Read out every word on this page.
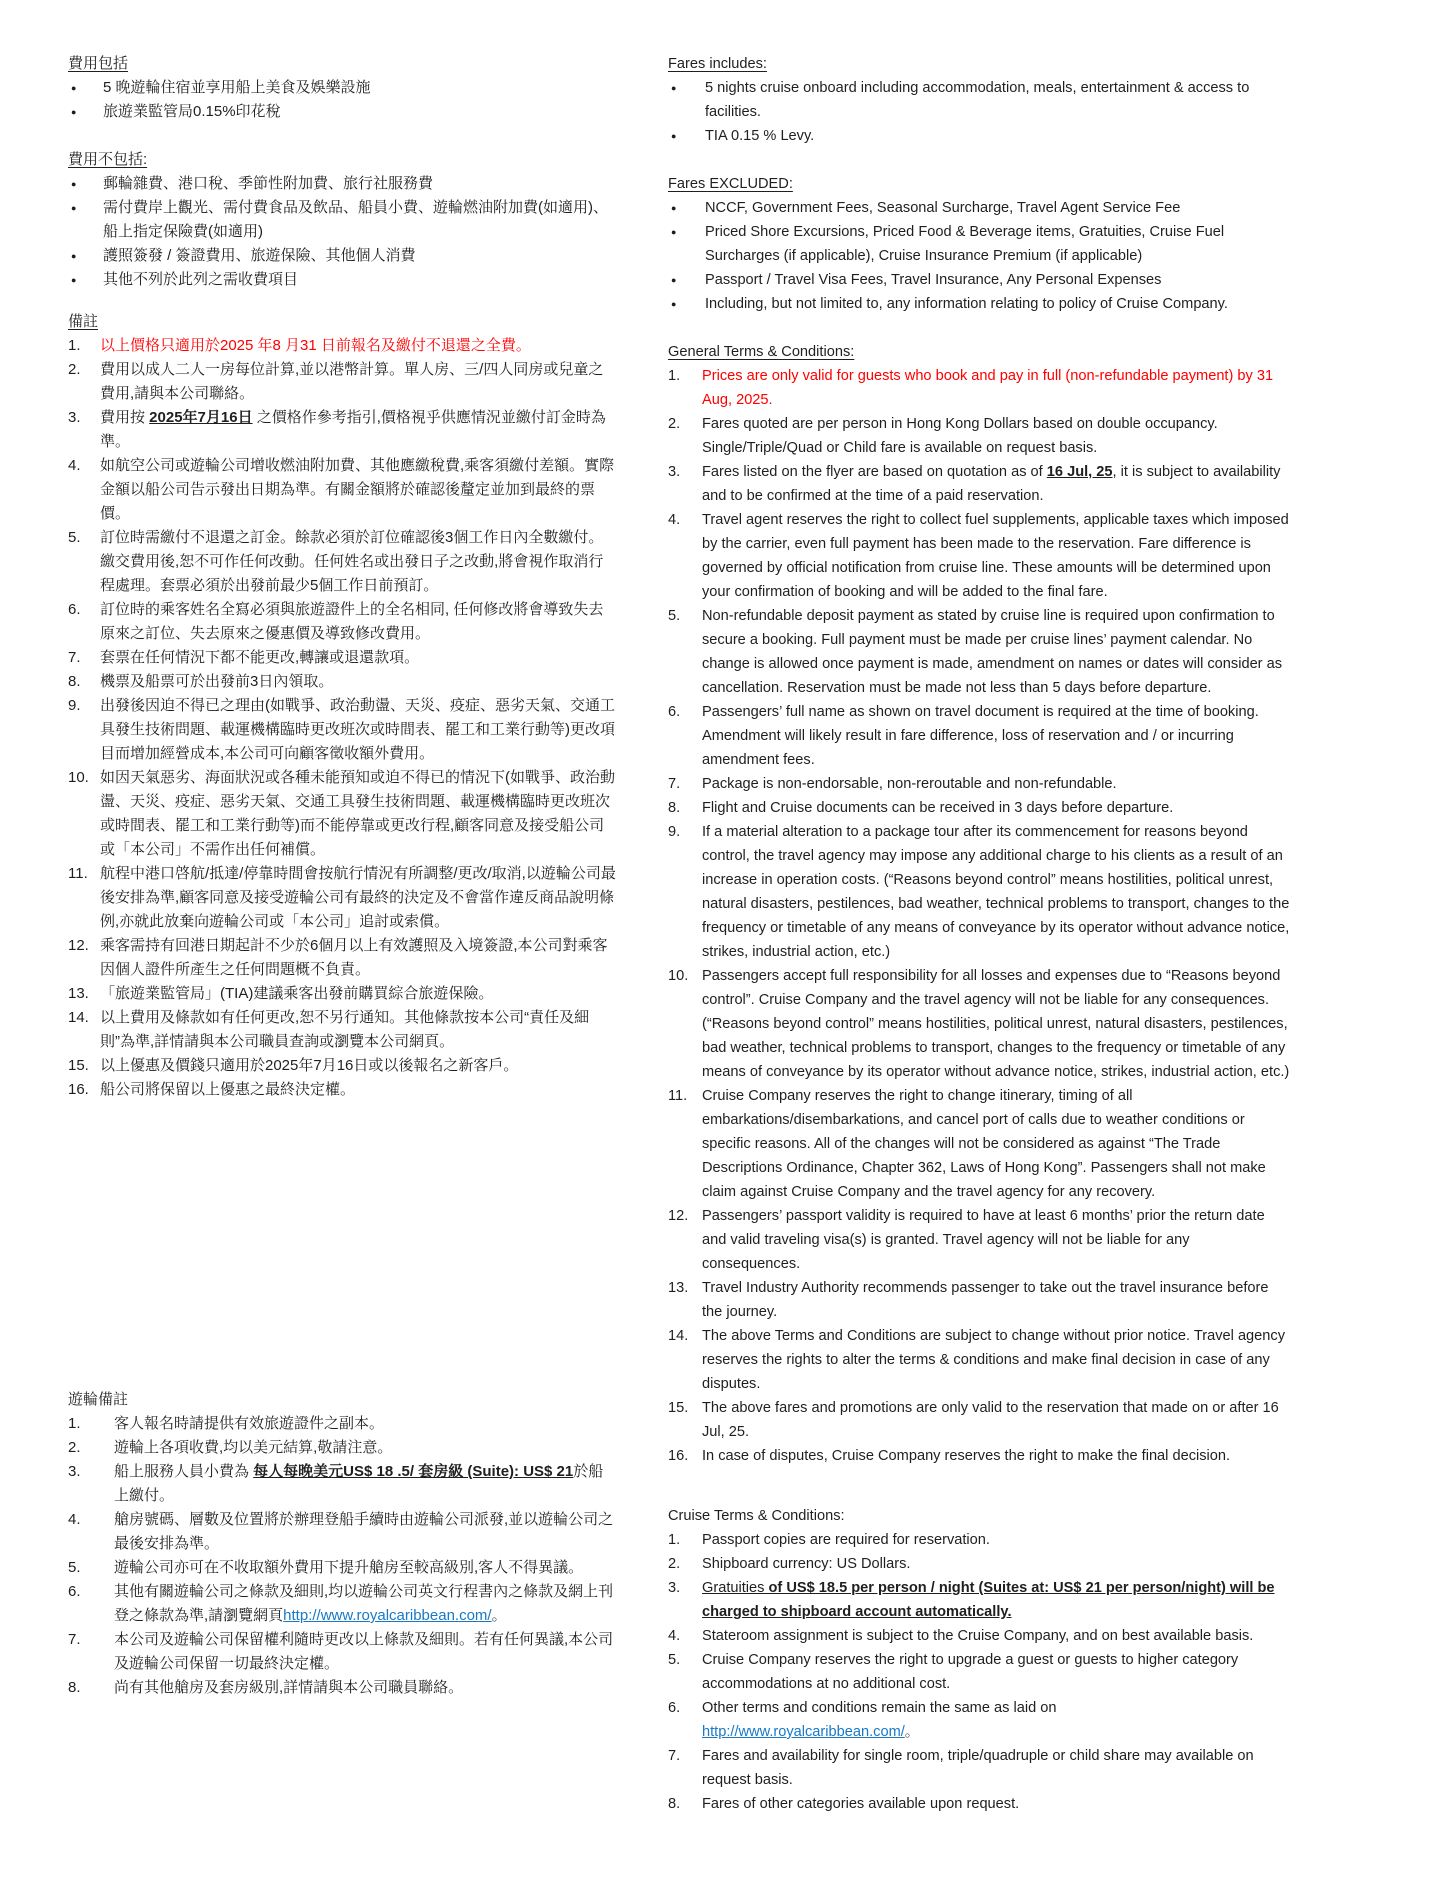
費用包括
●	5 晚遊輪住宿並享用船上美食及娛樂設施
●	旅遊業監管局0.15%印花稅
費用不包括:
●	郵輪雜費、港口稅、季節性附加費、旅行社服務費
●	需付費岸上觀光、需付費食品及飲品、船員小費、遊輪燃油附加費(如適用)、船上指定保險費(如適用)
●	護照簽發 / 簽證費用、旅遊保險、其他個人消費
●	其他不列於此列之需收費項目
備註
1.	以上價格只適用於2025 年8 月31 日前報名及繳付不退還之全費。
2.	費用以成人二人一房每位計算,並以港幣計算。單人房、三/四人同房或兒童之費用,請與本公司聯絡。
3.	費用按 2025年7月16日 之價格作參考指引,價格視乎供應情況並繳付訂金時為準。
4.	如航空公司或遊輪公司增收燃油附加費、其他應繳稅費,乘客須繳付差額。實際金額以船公司告示發出日期為準。有關金額將於確認後釐定並加到最終的票價。
5.	訂位時需繳付不退還之訂金。餘款必須於訂位確認後3個工作日內全數繳付。繳交費用後,恕不可作任何改動。任何姓名或出發日子之改動,將會視作取消行程處理。套票必須於出發前最少5個工作日前預訂。
6.	訂位時的乘客姓名全寫必須與旅遊證件上的全名相同, 任何修改將會導致失去原來之訂位、失去原來之優惠價及導致修改費用。
7.	套票在任何情況下都不能更改,轉讓或退還款項。
8.	機票及船票可於出發前3日內領取。
9.	出發後因迫不得已之理由(如戰爭、政治動盪、天災、疫症、惡劣天氣、交通工具發生技術問題、載運機構臨時更改班次或時間表、罷工和工業行動等)更改項目而增加經營成本,本公司可向顧客徵收額外費用。
10. 如因天氣惡劣、海面狀況或各種未能預知或迫不得已的情況下(如戰爭、政治動盪、天災、疫症、惡劣天氣、交通工具發生技術問題、載運機構臨時更改班次或時間表、罷工和工業行動等)而不能停靠或更改行程,顧客同意及接受船公司或「本公司」不需作出任何補償。
11. 航程中港口啓航/抵達/停靠時間會按航行情況有所調整/更改/取消,以遊輪公司最後安排為準,顧客同意及接受遊輪公司有最終的決定及不會當作違反商品說明條例,亦就此放棄向遊輪公司或「本公司」追討或索償。
12. 乘客需持有回港日期起計不少於6個月以上有效護照及入境簽證,本公司對乘客因個人證件所產生之任何問題概不負責。
13. 「旅遊業監管局」(TIA)建議乘客出發前購買綜合旅遊保險。
14. 以上費用及條款如有任何更改,恕不另行通知。其他條款按本公司“責任及細則”為準,詳情請與本公司職員查詢或瀏覽本公司網頁。
15. 以上優惠及價錢只適用於2025年7月16日或以後報名之新客戶。
16. 船公司將保留以上優惠之最終決定權。
遊輪備註
1.	客人報名時請提供有效旅遊證件之副本。
2.	遊輪上各項收費,均以美元結算,敬請注意。
3.	船上服務人員小費為 每人每晚美元US$ 18 .5/ 套房級 (Suite): US$ 21於船上繳付。
4.	艙房號碼、層數及位置將於辦理登船手續時由遊輪公司派發,並以遊輪公司之最後安排為準。
5.	遊輪公司亦可在不收取額外費用下提升艙房至較高級別,客人不得異議。
6.	其他有關遊輪公司之條款及細則,均以遊輪公司英文行程書內之條款及網上刊登之條款為準,請瀏覽網頁http://www.royalcaribbean.com/。
7.	本公司及遊輪公司保留權利隨時更改以上條款及細則。若有任何異議,本公司及遊輪公司保留一切最終決定權。
8.	尚有其他艙房及套房級別,詳情請與本公司職員聯絡。
Fares includes:
●	5 nights cruise onboard including accommodation, meals, entertainment & access to facilities.
●	TIA 0.15 % Levy.
Fares EXCLUDED:
●	NCCF, Government Fees, Seasonal Surcharge, Travel Agent Service Fee
●	Priced Shore Excursions, Priced Food & Beverage items, Gratuities, Cruise Fuel Surcharges (if applicable), Cruise Insurance Premium (if applicable)
●	Passport / Travel Visa Fees, Travel Insurance, Any Personal Expenses
●	Including, but not limited to, any information relating to policy of Cruise Company.
General Terms & Conditions:
1.	Prices are only valid for guests who book and pay in full (non-refundable payment) by 31 Aug, 2025.
2.	Fares quoted are per person in Hong Kong Dollars based on double occupancy. Single/Triple/Quad or Child fare is available on request basis.
3.	Fares listed on the flyer are based on quotation as of 16 Jul, 25, it is subject to availability and to be confirmed at the time of a paid reservation.
4.	Travel agent reserves the right to collect fuel supplements, applicable taxes which imposed by the carrier, even full payment has been made to the reservation. Fare difference is governed by official notification from cruise line. These amounts will be determined upon your confirmation of booking and will be added to the final fare.
5.	Non-refundable deposit payment as stated by cruise line is required upon confirmation to secure a booking. Full payment must be made per cruise lines’ payment calendar. No change is allowed once payment is made, amendment on names or dates will consider as cancellation. Reservation must be made not less than 5 days before departure.
6.	Passengers’ full name as shown on travel document is required at the time of booking. Amendment will likely result in fare difference, loss of reservation and / or incurring amendment fees.
7.	Package is non-endorsable, non-reroutable and non-refundable.
8.	Flight and Cruise documents can be received in 3 days before departure.
9.	If a material alteration to a package tour after its commencement for reasons beyond control, the travel agency may impose any additional charge to his clients as a result of an increase in operation costs. (“Reasons beyond control” means hostilities, political unrest, natural disasters, pestilences, bad weather, technical problems to transport, changes to the frequency or timetable of any means of conveyance by its operator without advance notice, strikes, industrial action, etc.)
10. Passengers accept full responsibility for all losses and expenses due to “Reasons beyond control”. Cruise Company and the travel agency will not be liable for any consequences. (“Reasons beyond control” means hostilities, political unrest, natural disasters, pestilences, bad weather, technical problems to transport, changes to the frequency or timetable of any means of conveyance by its operator without advance notice, strikes, industrial action, etc.)
11.	Cruise Company reserves the right to change itinerary, timing of all embarkations/disembarkations, and cancel port of calls due to weather conditions or specific reasons. All of the changes will not be considered as against “The Trade Descriptions Ordinance, Chapter 362, Laws of Hong Kong”. Passengers shall not make claim against Cruise Company and the travel agency for any recovery.
12. Passengers’ passport validity is required to have at least 6 months’ prior the return date and valid traveling visa(s) is granted. Travel agency will not be liable for any consequences.
13. Travel Industry Authority recommends passenger to take out the travel insurance before the journey.
14. The above Terms and Conditions are subject to change without prior notice. Travel agency reserves the rights to alter the terms & conditions and make final decision in case of any disputes.
15. The above fares and promotions are only valid to the reservation that made on or after 16 Jul, 25.
16. In case of disputes, Cruise Company reserves the right to make the final decision.
Cruise Terms & Conditions:
1.	Passport copies are required for reservation.
2.	Shipboard currency: US Dollars.
3.	Gratuities of US$ 18.5 per person / night (Suites at: US$ 21 per person/night) will be charged to shipboard account automatically.
4.	Stateroom assignment is subject to the Cruise Company, and on best available basis.
5.	Cruise Company reserves the right to upgrade a guest or guests to higher category accommodations at no additional cost.
6.	Other terms and conditions remain the same as laid on
http://www.royalcaribbean.com/。
7.	Fares and availability for single room, triple/quadruple or child share may available on request basis.
8.	Fares of other categories available upon request.
